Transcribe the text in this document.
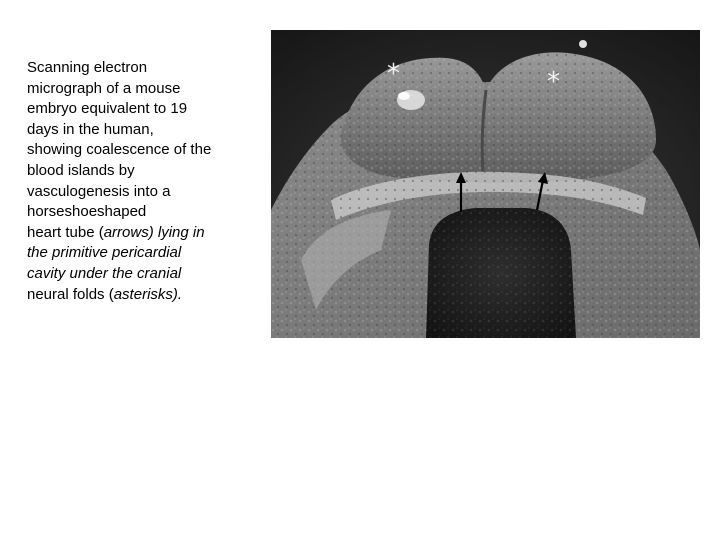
Scanning electron
micrograph of a mouse
embryo equivalent to 19
days in the human,
showing coalescence of the
blood islands by
vasculogenesis into a
horseshoeshaped
heart tube (arrows) lying in
the primitive pericardial
cavity under the cranial
neural folds (asterisks).
*	*
